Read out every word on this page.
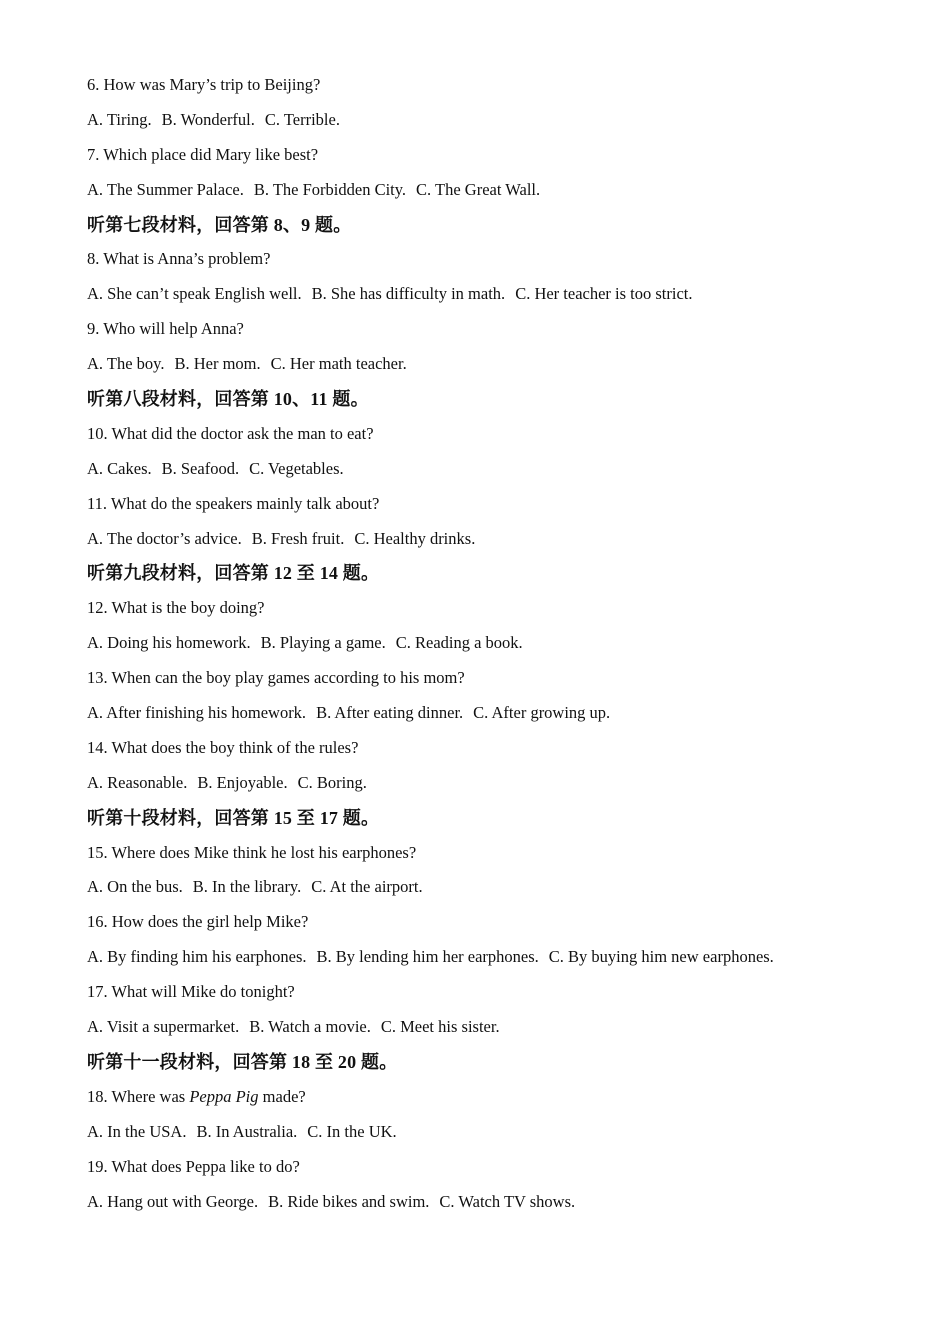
6. How was Mary’s trip to Beijing?
A. Tiring. B. Wonderful. C. Terrible.
7. Which place did Mary like best?
A. The Summer Palace. B. The Forbidden City. C. The Great Wall.
听第七段材料，回答第 8、9 题。
8. What is Anna’s problem?
A. She can’t speak English well. B. She has difficulty in math. C. Her teacher is too strict.
9. Who will help Anna?
A. The boy. B. Her mom. C. Her math teacher.
听第八段材料，回答第 10、11 题。
10. What did the doctor ask the man to eat?
A. Cakes. B. Seafood. C. Vegetables.
11. What do the speakers mainly talk about?
A. The doctor’s advice. B. Fresh fruit. C. Healthy drinks.
听第九段材料，回答第 12 至 14 题。
12. What is the boy doing?
A. Doing his homework. B. Playing a game. C. Reading a book.
13. When can the boy play games according to his mom?
A. After finishing his homework. B. After eating dinner. C. After growing up.
14. What does the boy think of the rules?
A. Reasonable. B. Enjoyable. C. Boring.
听第十段材料，回答第 15 至 17 题。
15. Where does Mike think he lost his earphones?
A. On the bus. B. In the library. C. At the airport.
16. How does the girl help Mike?
A. By finding him his earphones. B. By lending him her earphones. C. By buying him new earphones.
17. What will Mike do tonight?
A. Visit a supermarket. B. Watch a movie. C. Meet his sister.
听第十一段材料，回答第 18 至 20 题。
18. Where was Peppa Pig made?
A. In the USA. B. In Australia. C. In the UK.
19. What does Peppa like to do?
A. Hang out with George. B. Ride bikes and swim. C. Watch TV shows.
